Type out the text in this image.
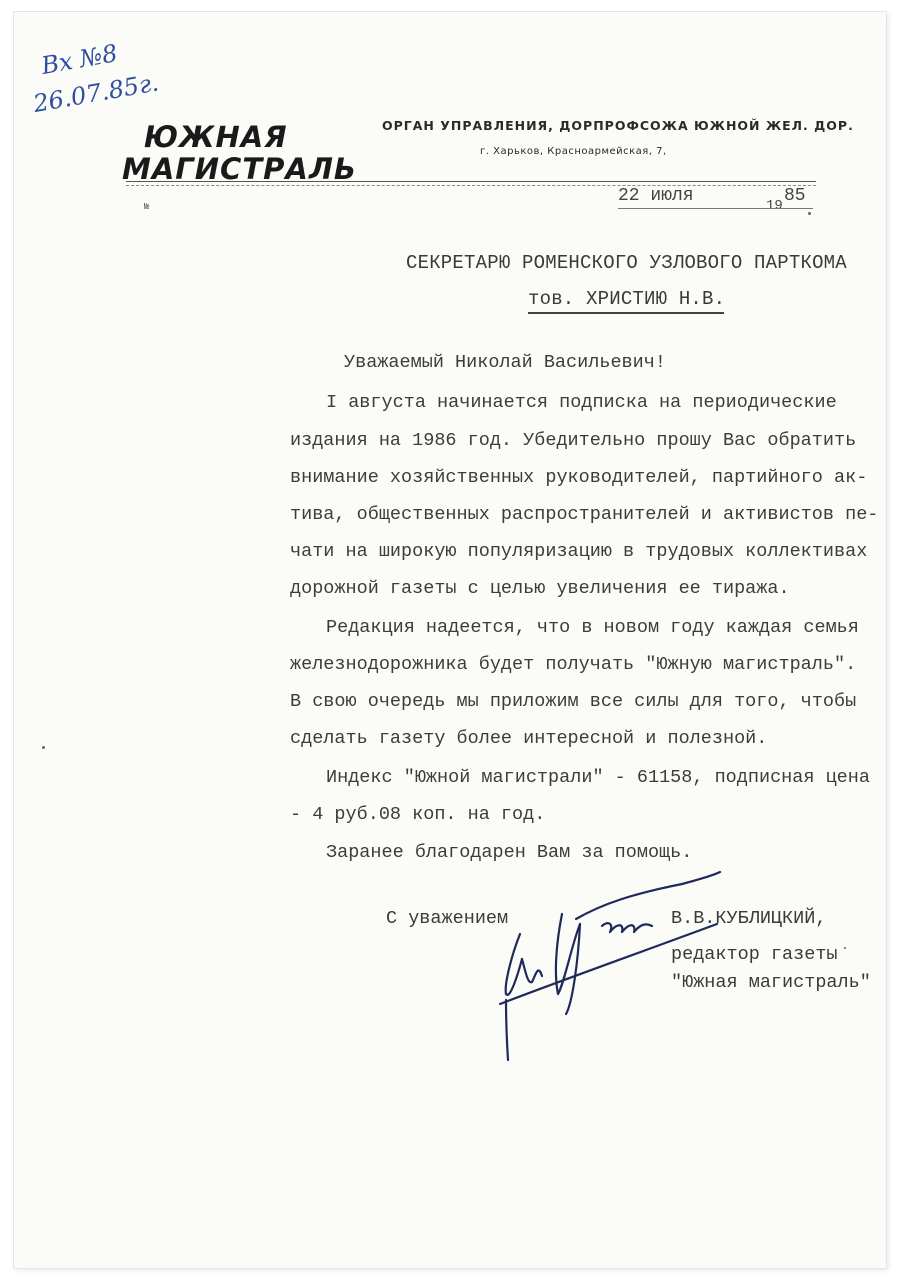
Вх №8
26.07.85г.
ЮЖНАЯ
МАГИСТРАЛЬ
ОРГАН УПРАВЛЕНИЯ, ДОРПРОФСОЖА ЮЖНОЙ ЖЕЛ. ДОР.
г. Харьков, Красноармейская, 7,
№
22 июля	19 85
СЕКРЕТАРЮ РОМЕНСКОГО УЗЛОВОГО ПАРТКОМА
тов. ХРИСТИЮ Н.В.
Уважаемый Николай Васильевич!
I августа начинается подписка на периодические
издания на 1986 год. Убедительно прошу Вас обратить
внимание хозяйственных руководителей, партийного ак-
тива, общественных распространителей и активистов пе-
чати на широкую популяризацию в трудовых коллективах
дорожной газеты с целью увеличения ее тиража.
Редакция надеется, что в новом году каждая семья
железнодорожника будет получать "Южную магистраль".
В свою очередь мы приложим все силы для того, чтобы
сделать газету более интересной и полезной.
Индекс "Южной магистрали" - 61158, подписная цена
- 4 руб.08 коп. на год.
Заранее благодарен Вам за помощь.
С уважением	В.В.КУБЛИЦКИЙ,
редактор газеты
"Южная магистраль"
